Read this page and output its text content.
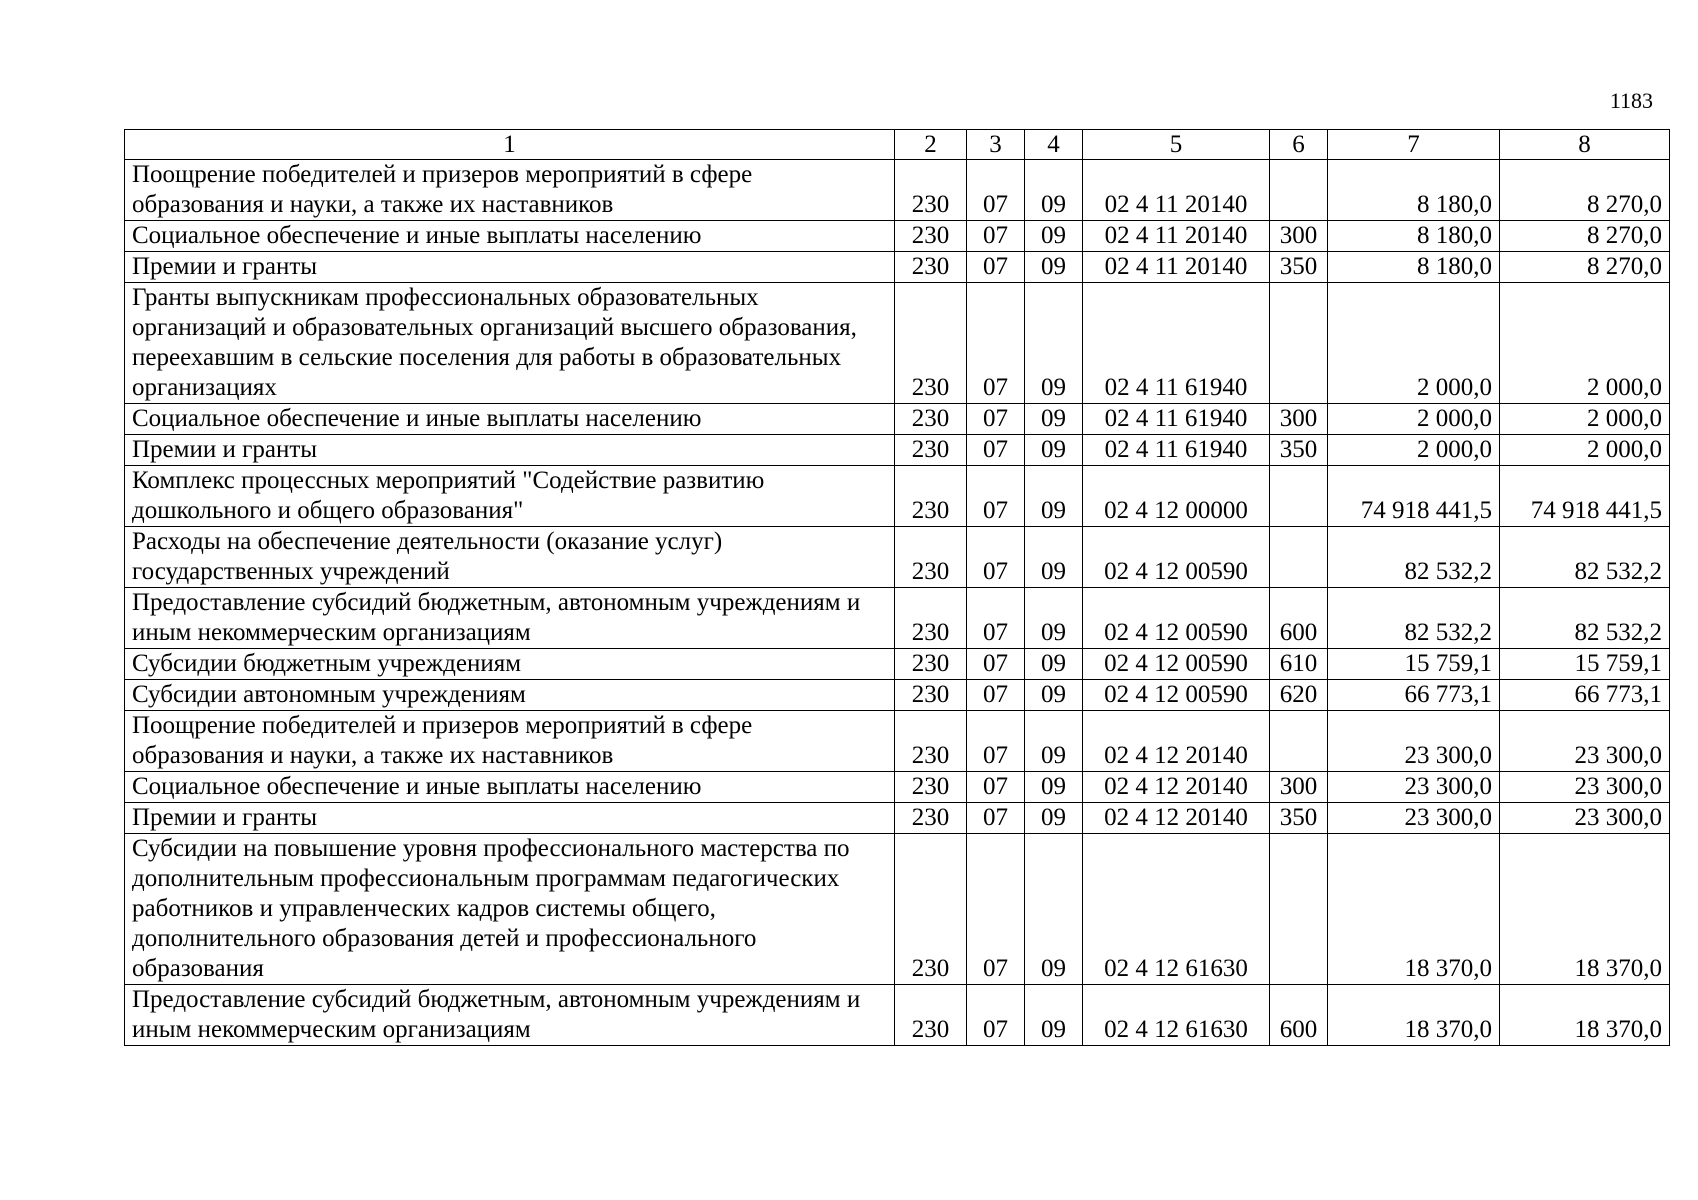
1183
1	2	3	4	5	6	7	8
Поощрение победителей и призеров мероприятий в сфере образования и науки, а также их наставников	230	07	09	02 4 11 20140		8 180,0	8 270,0
Социальное обеспечение и иные выплаты населению	230	07	09	02 4 11 20140	300	8 180,0	8 270,0
Премии и гранты	230	07	09	02 4 11 20140	350	8 180,0	8 270,0
Гранты выпускникам профессиональных образовательных организаций и образовательных организаций высшего образования, переехавшим в сельские поселения для работы в образовательных организациях	230	07	09	02 4 11 61940		2 000,0	2 000,0
Социальное обеспечение и иные выплаты населению	230	07	09	02 4 11 61940	300	2 000,0	2 000,0
Премии и гранты	230	07	09	02 4 11 61940	350	2 000,0	2 000,0
Комплекс процессных мероприятий "Содействие развитию дошкольного и общего образования"	230	07	09	02 4 12 00000		74 918 441,5	74 918 441,5
Расходы на обеспечение деятельности (оказание услуг) государственных учреждений	230	07	09	02 4 12 00590		82 532,2	82 532,2
Предоставление субсидий бюджетным, автономным учреждениям и иным некоммерческим организациям	230	07	09	02 4 12 00590	600	82 532,2	82 532,2
Субсидии бюджетным учреждениям	230	07	09	02 4 12 00590	610	15 759,1	15 759,1
Субсидии автономным учреждениям	230	07	09	02 4 12 00590	620	66 773,1	66 773,1
Поощрение победителей и призеров мероприятий в сфере образования и науки, а также их наставников	230	07	09	02 4 12 20140		23 300,0	23 300,0
Социальное обеспечение и иные выплаты населению	230	07	09	02 4 12 20140	300	23 300,0	23 300,0
Премии и гранты	230	07	09	02 4 12 20140	350	23 300,0	23 300,0
Субсидии на повышение уровня профессионального мастерства по дополнительным профессиональным программам педагогических работников и управленческих кадров системы общего, дополнительного образования детей и профессионального образования	230	07	09	02 4 12 61630		18 370,0	18 370,0
Предоставление субсидий бюджетным, автономным учреждениям и иным некоммерческим организациям	230	07	09	02 4 12 61630	600	18 370,0	18 370,0
